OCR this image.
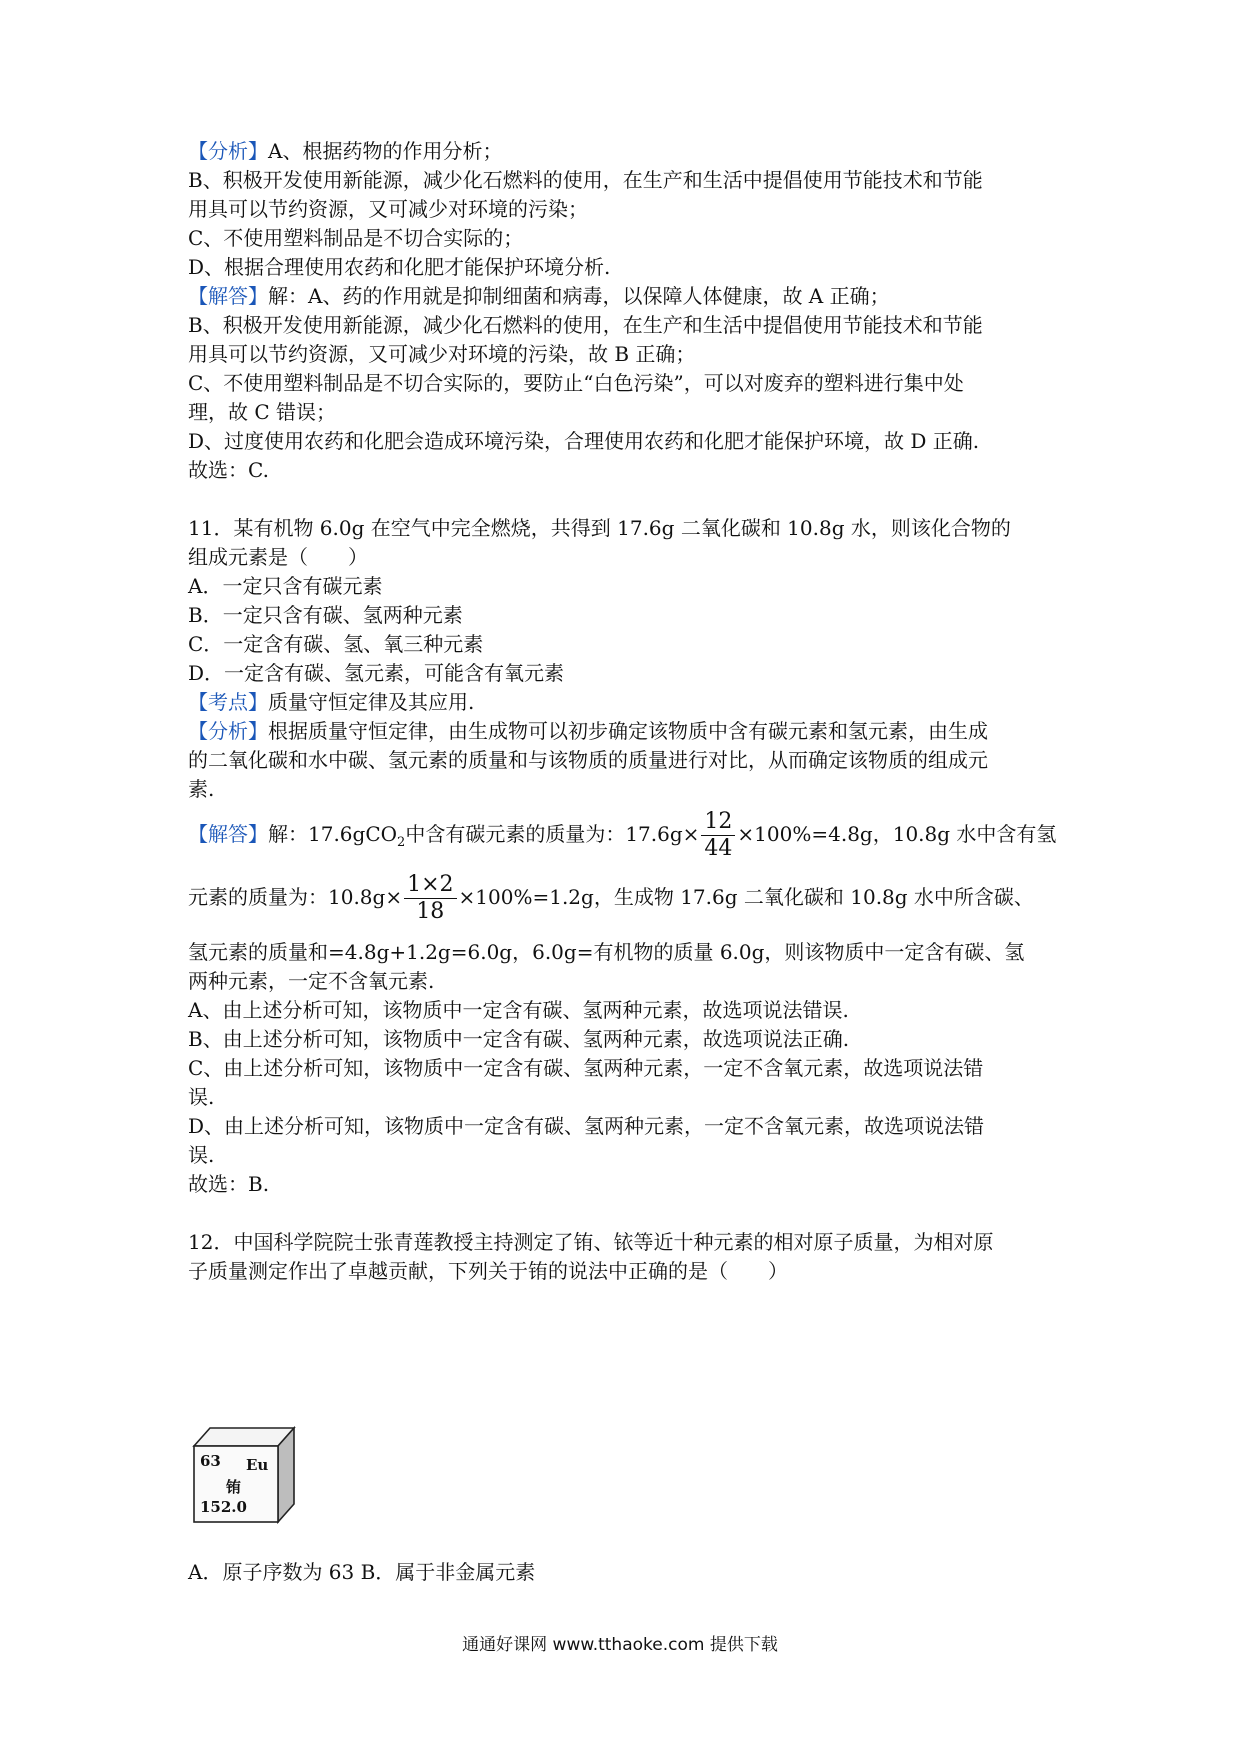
【分析】A、根据药物的作用分析；
B、积极开发使用新能源，减少化石燃料的使用，在生产和生活中提倡使用节能技术和节能
用具可以节约资源，又可减少对环境的污染；
C、不使用塑料制品是不切合实际的；
D、根据合理使用农药和化肥才能保护环境分析.
【解答】解：A、药的作用就是抑制细菌和病毒，以保障人体健康，故 A 正确；
B、积极开发使用新能源，减少化石燃料的使用，在生产和生活中提倡使用节能技术和节能
用具可以节约资源，又可减少对环境的污染，故 B 正确；
C、不使用塑料制品是不切合实际的，要防止“白色污染”，可以对废弃的塑料进行集中处
理，故 C 错误；
D、过度使用农药和化肥会造成环境污染，合理使用农药和化肥才能保护环境，故 D 正确.
故选：C.
11．某有机物 6.0g 在空气中完全燃烧，共得到 17.6g 二氧化碳和 10.8g 水，则该化合物的
组成元素是（　　）
A．一定只含有碳元素
B．一定只含有碳、氢两种元素
C．一定含有碳、氢、氧三种元素
D．一定含有碳、氢元素，可能含有氧元素
【考点】质量守恒定律及其应用.
【分析】根据质量守恒定律，由生成物可以初步确定该物质中含有碳元素和氢元素，由生成
的二氧化碳和水中碳、氢元素的质量和与该物质的质量进行对比，从而确定该物质的组成元
素.
【解答】解：17.6gCO$_2$中含有碳元素的质量为：$17.6g\times \frac{12}{44} \times 100\%=4.8g$，10.8g 水中含有氢
元素的质量为：$10.8g\times \frac{1\times 2}{18} \times 100\%=1.2g$，生成物 17.6g 二氧化碳和 10.8g 水中所含碳、
氢元素的质量和=4.8g+1.2g=6.0g，6.0g=有机物的质量 6.0g，则该物质中一定含有碳、氢
两种元素，一定不含氧元素.
A、由上述分析可知，该物质中一定含有碳、氢两种元素，故选项说法错误.
B、由上述分析可知，该物质中一定含有碳、氢两种元素，故选项说法正确.
C、由上述分析可知，该物质中一定含有碳、氢两种元素，一定不含氧元素，故选项说法错
误.
D、由上述分析可知，该物质中一定含有碳、氢两种元素，一定不含氧元素，故选项说法错
误.
故选：B.
12．中国科学院院士张青莲教授主持测定了铕、铱等近十种元素的相对原子质量，为相对原
子质量测定作出了卓越贡献，下列关于铕的说法中正确的是（　　）
63 Eu
铕
152.0
A．原子序数为 63 B．属于非金属元素
通通好课网 www.tthaoke.com 提供下载
